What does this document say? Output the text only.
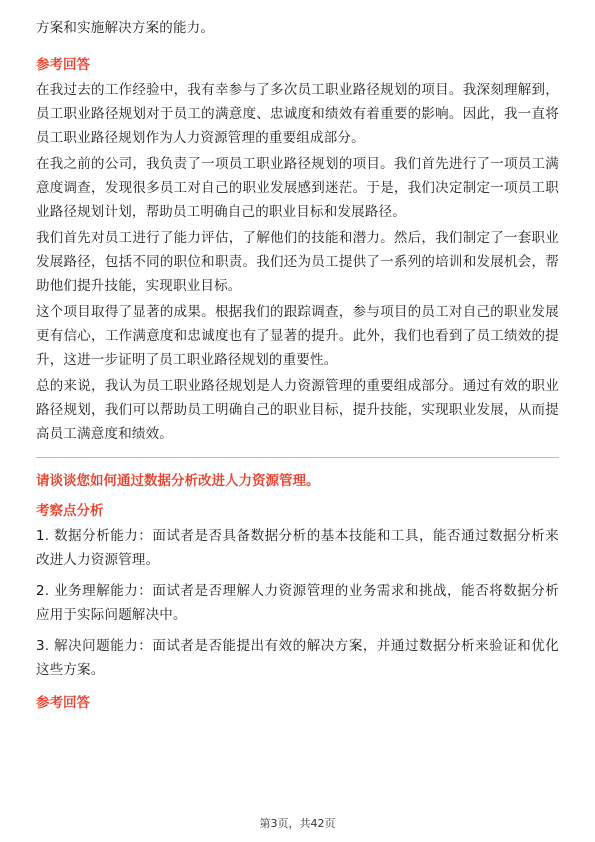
方案和实施解决方案的能力。

参考回答

在我过去的工作经验中，我有幸参与了多次员工职业路径规划的项目。我深刻理解到，员工职业路径规划对于员工的满意度、忠诚度和绩效有着重要的影响。因此，我一直将员工职业路径规划作为人力资源管理的重要组成部分。

在我之前的公司，我负责了一项员工职业路径规划的项目。我们首先进行了一项员工满意度调查，发现很多员工对自己的职业发展感到迷茫。于是，我们决定制定一项员工职业路径规划计划，帮助员工明确自己的职业目标和发展路径。

我们首先对员工进行了能力评估，了解他们的技能和潜力。然后，我们制定了一套职业发展路径，包括不同的职位和职责。我们还为员工提供了一系列的培训和发展机会，帮助他们提升技能，实现职业目标。

这个项目取得了显著的成果。根据我们的跟踪调查，参与项目的员工对自己的职业发展更有信心，工作满意度和忠诚度也有了显著的提升。此外，我们也看到了员工绩效的提升，这进一步证明了员工职业路径规划的重要性。

总的来说，我认为员工职业路径规划是人力资源管理的重要组成部分。通过有效的职业路径规划，我们可以帮助员工明确自己的职业目标，提升技能，实现职业发展，从而提高员工满意度和绩效。

请谈谈您如何通过数据分析改进人力资源管理。
考察点分析

1. 数据分析能力：面试者是否具备数据分析的基本技能和工具，能否通过数据分析来改进人力资源管理。

2. 业务理解能力：面试者是否理解人力资源管理的业务需求和挑战，能否将数据分析应用于实际问题解决中。

3. 解决问题能力：面试者是否能提出有效的解决方案，并通过数据分析来验证和优化这些方案。

参考回答
第3页，共42页
